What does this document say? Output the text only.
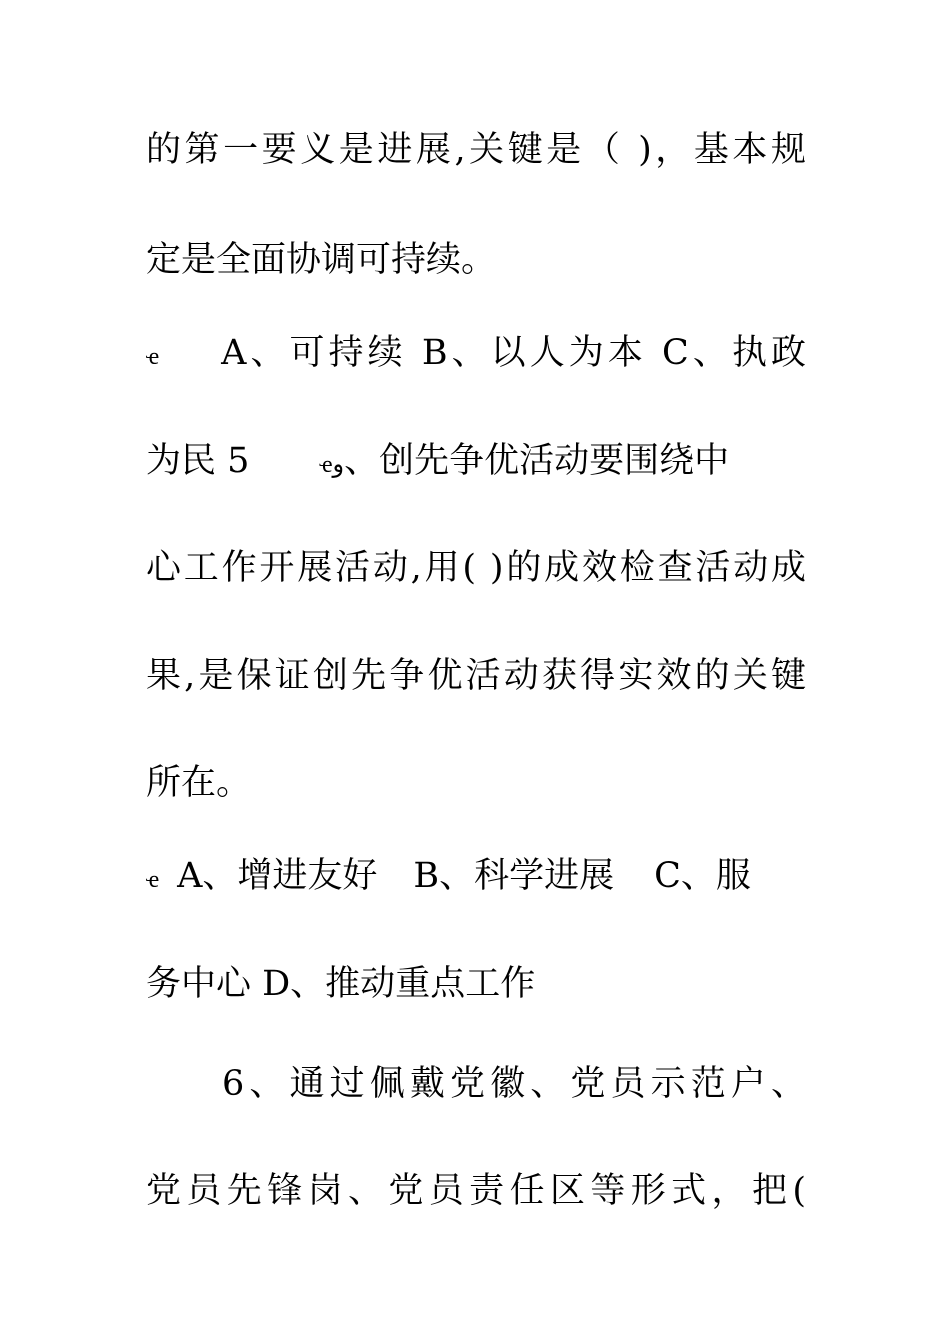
的第一要义是进展,关键是（ )，基本规
定是全面协调可持续。
ҽ A、可持续 B、以人为本 C、执政
为民 5	ҽو、创先争优活动要围绕中
心工作开展活动,用( )的成效检查活动成
果,是保证创先争优活动获得实效的关键
所在。
ҽ A、增进友好 B、科学进展 C、服
务中心 D、推动重点工作
6、通过佩戴党徽、党员示范户、
党员先锋岗、党员责任区等形式，把(
